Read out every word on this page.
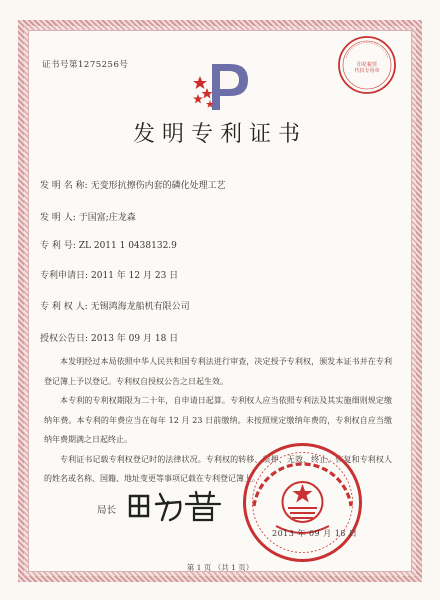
证书号第1275256号	印花税票
代扣专用章
发明专利证书
发 明 名 称: 无变形抗擦伤内套的磷化处理工艺
发 明 人: 于国富;庄龙森
专 利 号: ZL 2011 1 0438132.9
专利申请日: 2011 年 12 月 23 日
专 利 权 人: 无锡鸿海龙船机有限公司
授权公告日: 2013 年 09 月 18 日

本发明经过本局依照中华人民共和国专利法进行审查，决定授予专利权，颁发本证书并在专利登记簿上予以登记。专利权自授权公告之日起生效。

本专利的专利权期限为二十年，自申请日起算。专利权人应当依照专利法及其实施细则规定缴纳年费。本专利的年费应当在每年 12 月 23 日前缴纳。未按照规定缴纳年费的，专利权自应当缴纳年费期满之日起终止。

专利证书记载专利权登记时的法律状况。专利权的转移、质押、无效、终止、恢复和专利权人的姓名或名称、国籍、地址变更等事项记载在专利登记簿上。

局长
2013 年 09 月 18 日
第 1 页 （共 1 页）
